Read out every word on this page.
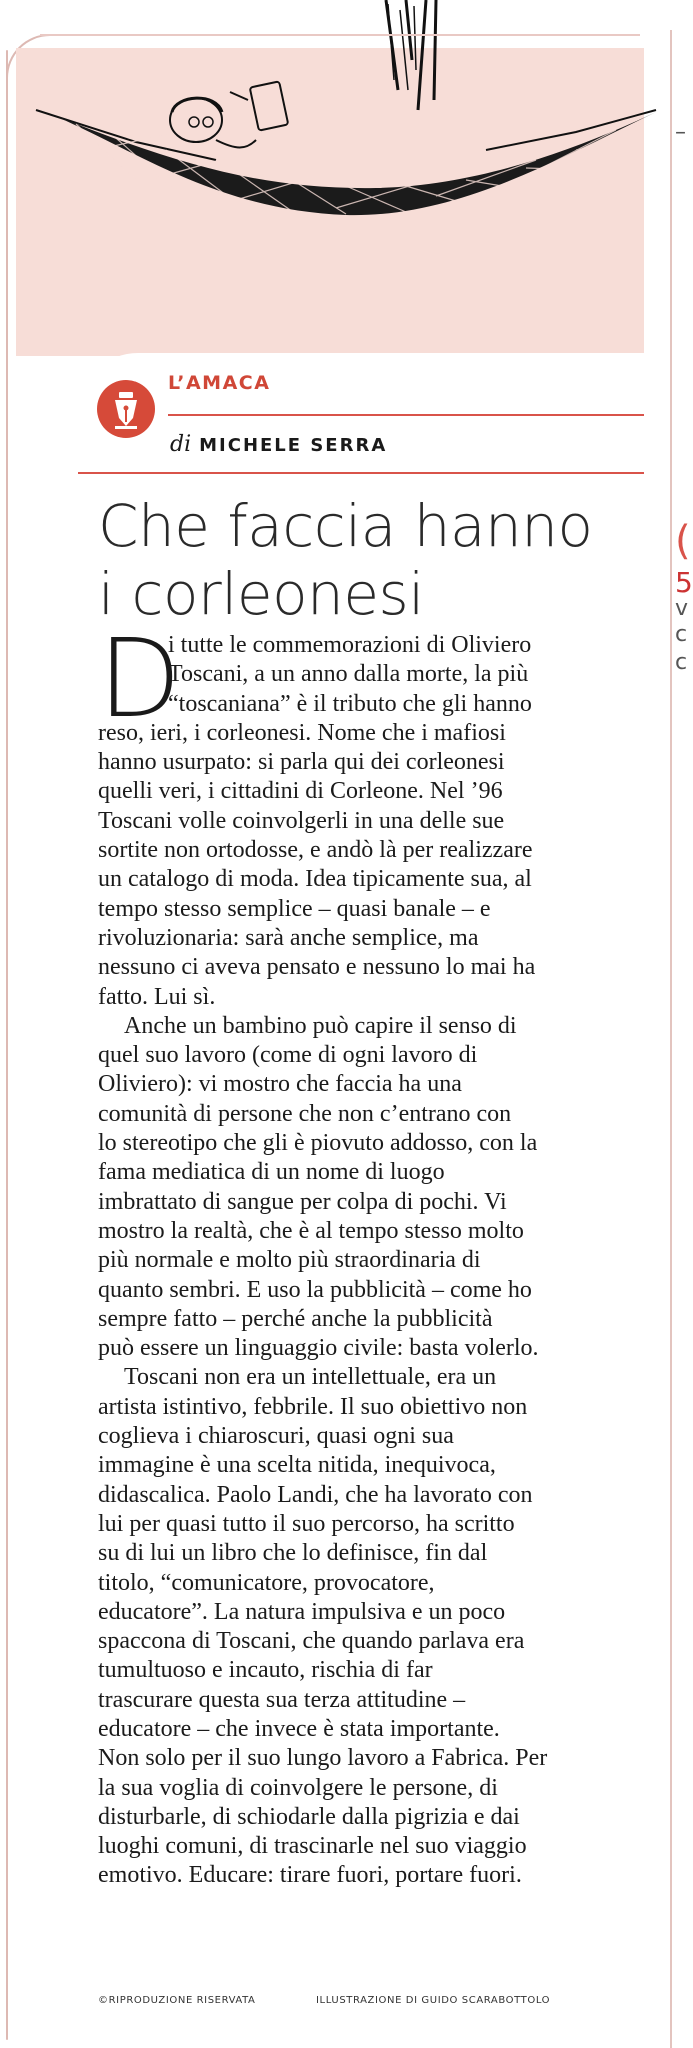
L’AMACA
di MICHELE SERRA
Che faccia hanno
i corleonesi
D
i tutte le commemorazioni di Oliviero
Toscani, a un anno dalla morte, la più
“toscaniana” è il tributo che gli hanno
reso, ieri, i corleonesi. Nome che i mafiosi
hanno usurpato: si parla qui dei corleonesi
quelli veri, i cittadini di Corleone. Nel ’96
Toscani volle coinvolgerli in una delle sue
sortite non ortodosse, e andò là per realizzare
un catalogo di moda. Idea tipicamente sua, al
tempo stesso semplice – quasi banale – e
rivoluzionaria: sarà anche semplice, ma
nessuno ci aveva pensato e nessuno lo mai ha
fatto. Lui sì.
Anche un bambino può capire il senso di
quel suo lavoro (come di ogni lavoro di
Oliviero): vi mostro che faccia ha una
comunità di persone che non c’entrano con
lo stereotipo che gli è piovuto addosso, con la
fama mediatica di un nome di luogo
imbrattato di sangue per colpa di pochi. Vi
mostro la realtà, che è al tempo stesso molto
più normale e molto più straordinaria di
quanto sembri. E uso la pubblicità – come ho
sempre fatto – perché anche la pubblicità
può essere un linguaggio civile: basta volerlo.
Toscani non era un intellettuale, era un
artista istintivo, febbrile. Il suo obiettivo non
coglieva i chiaroscuri, quasi ogni sua
immagine è una scelta nitida, inequivoca,
didascalica. Paolo Landi, che ha lavorato con
lui per quasi tutto il suo percorso, ha scritto
su di lui un libro che lo definisce, fin dal
titolo, “comunicatore, provocatore,
educatore”. La natura impulsiva e un poco
spaccona di Toscani, che quando parlava era
tumultuoso e incauto, rischia di far
trascurare questa sua terza attitudine –
educatore – che invece è stata importante.
Non solo per il suo lungo lavoro a Fabrica. Per
la sua voglia di coinvolgere le persone, di
disturbarle, di schiodarle dalla pigrizia e dai
luoghi comuni, di trascinarle nel suo viaggio
emotivo. Educare: tirare fuori, portare fuori.
©RIPRODUZIONE RISERVATA	ILLUSTRAZIONE DI GUIDO SCARABOTTOLO
–
(
5
v
c
c
